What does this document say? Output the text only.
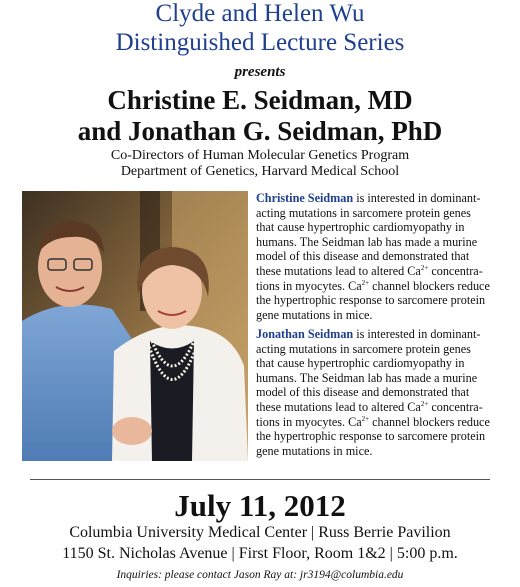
Clyde and Helen Wu
Distinguished Lecture Series
presents
Christine E. Seidman, MD
and Jonathan G. Seidman, PhD
Co-Directors of Human Molecular Genetics Program
Department of Genetics, Harvard Medical School
Christine Seidman is interested in dominant-
acting mutations in sarcomere protein genes
that cause hypertrophic cardiomyopathy in
humans. The Seidman lab has made a murine
model of this disease and demonstrated that
these mutations lead to altered $Ca^{2+}$ concentra-
tions in myocytes. $Ca^{2+}$ channel blockers reduce
the hypertrophic response to sarcomere protein
gene mutations in mice.
Jonathan Seidman is interested in dominant-
acting mutations in sarcomere protein genes
that cause hypertrophic cardiomyopathy in
humans. The Seidman lab has made a murine
model of this disease and demonstrated that
these mutations lead to altered $Ca^{2+}$ concentra-
tions in myocytes. $Ca^{2+}$ channel blockers reduce
the hypertrophic response to sarcomere protein
gene mutations in mice.
July 11, 2012
Columbia University Medical Center | Russ Berrie Pavilion
1150 St. Nicholas Avenue | First Floor, Room 1&2 | 5:00 p.m.
Inquiries: please contact Jason Ray at: jr3194@columbia.edu
